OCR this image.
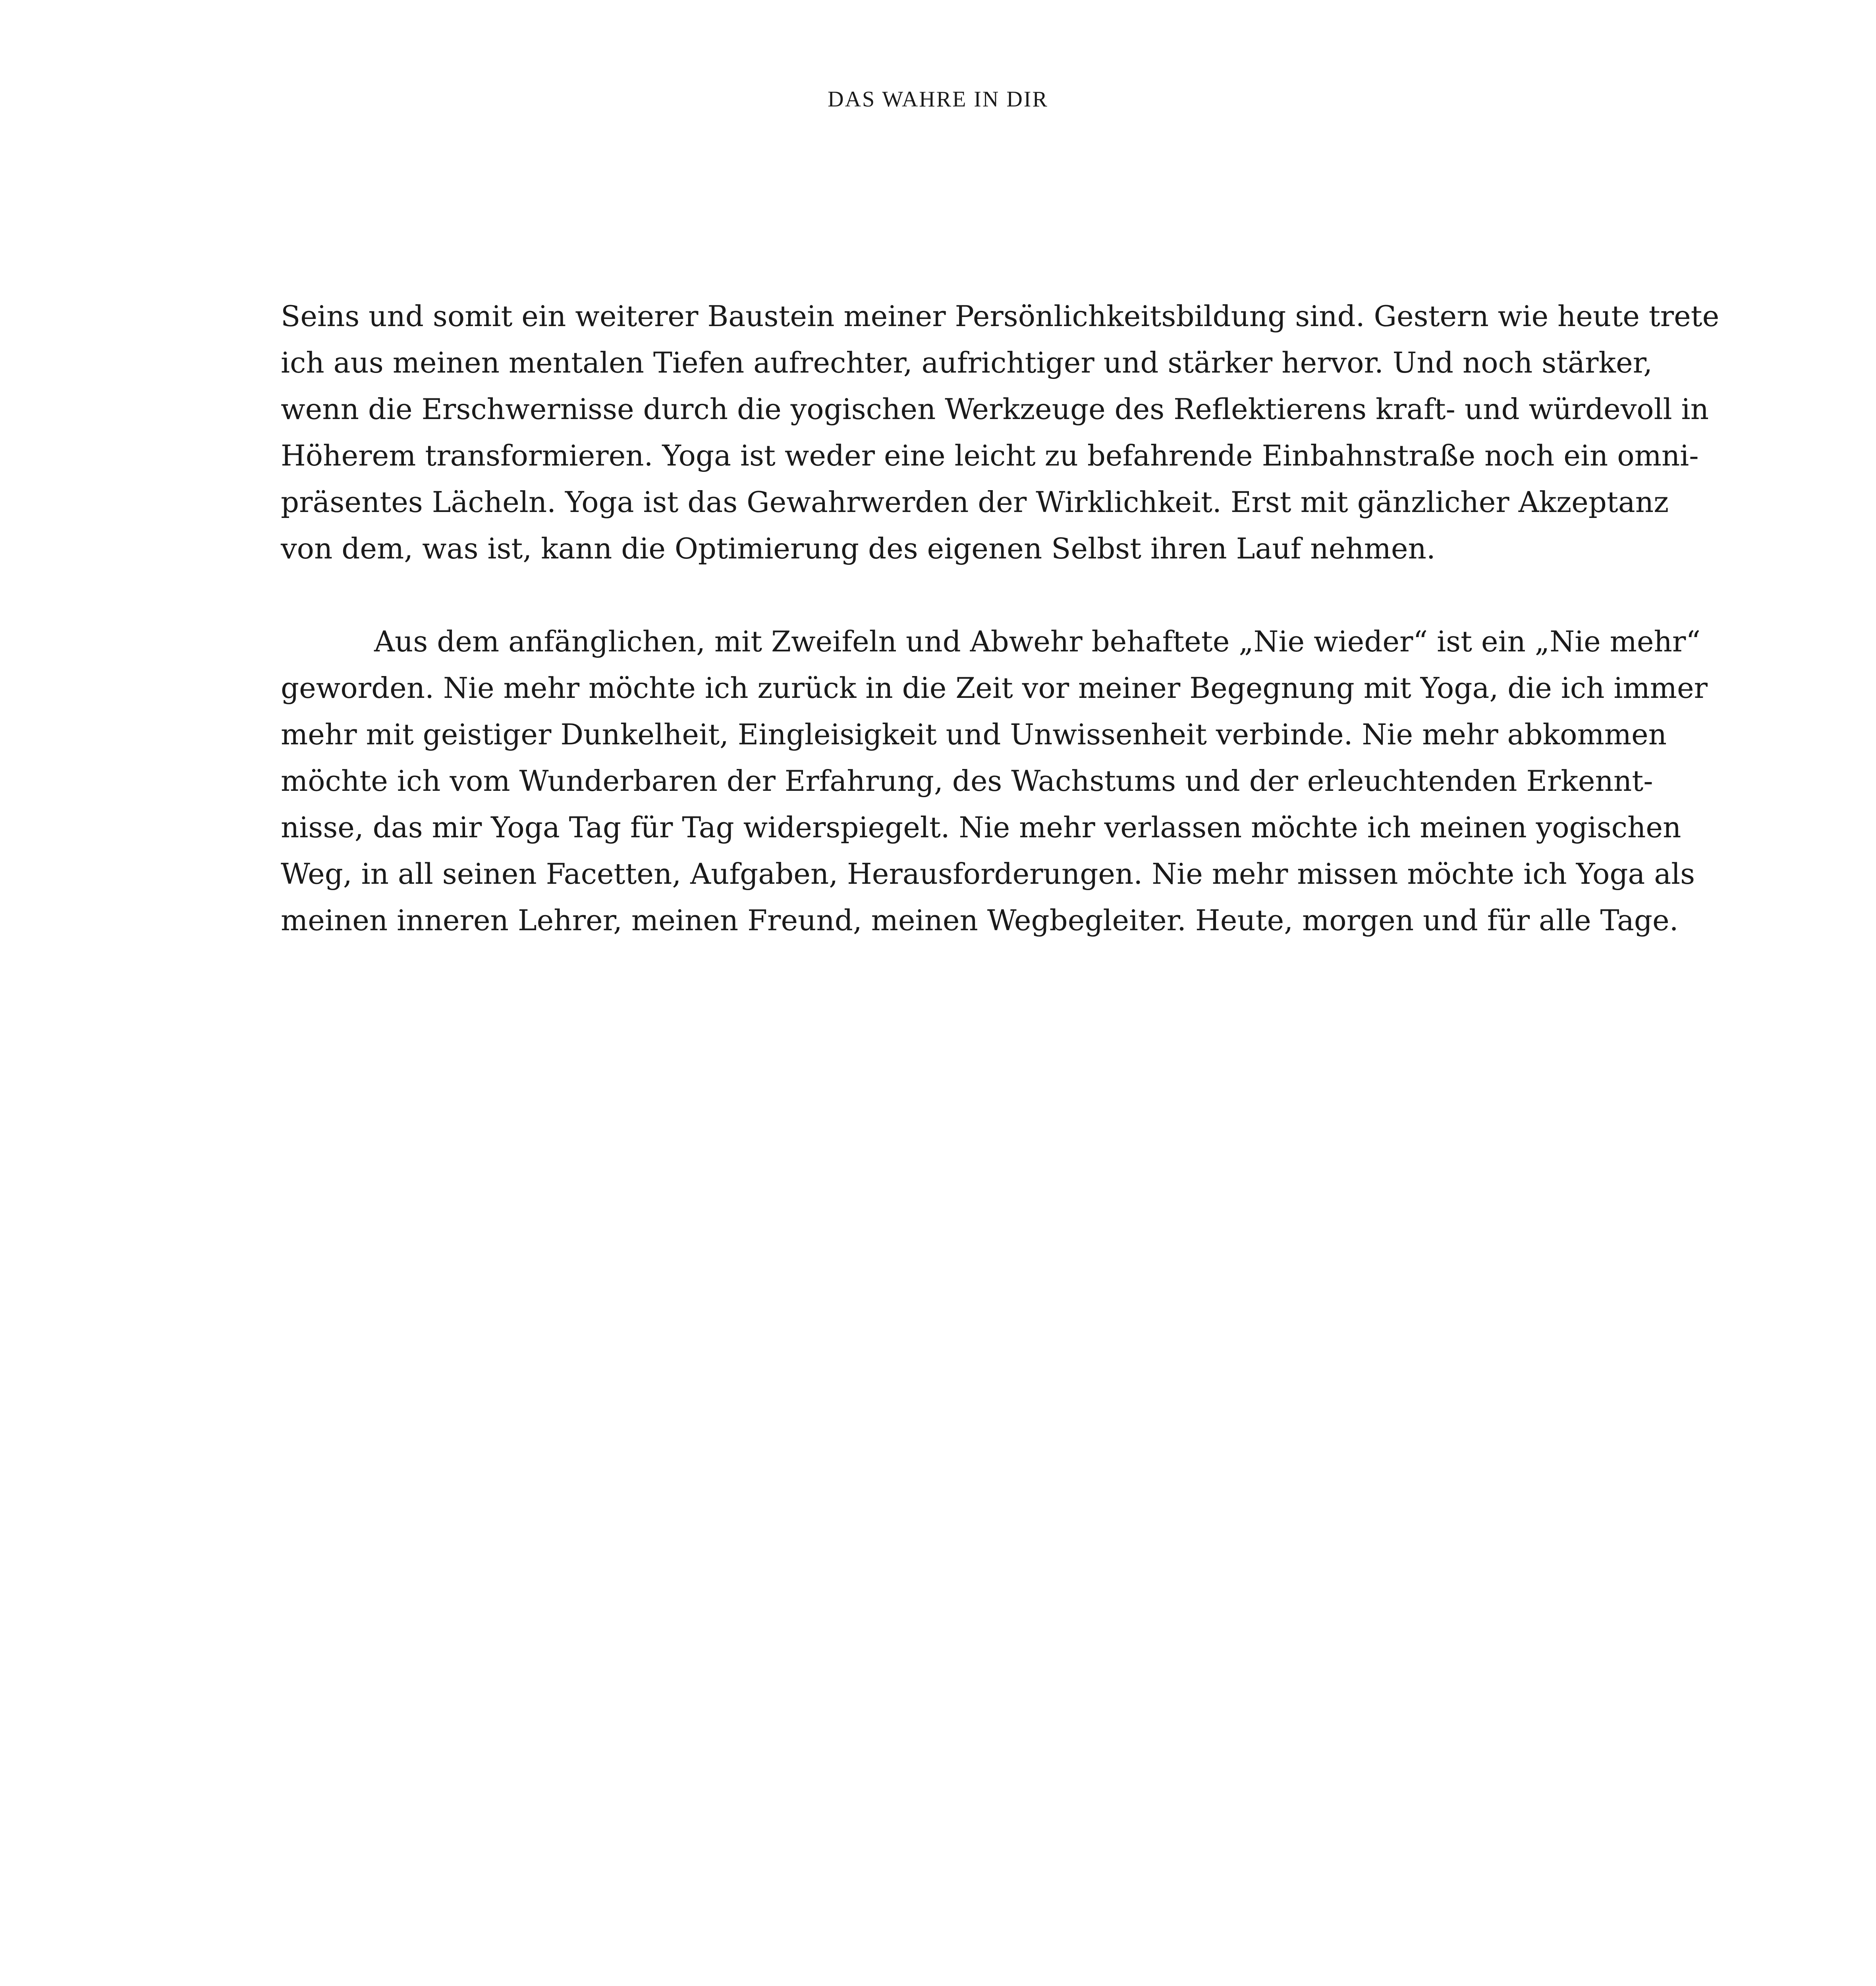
DAS WAHRE IN DIR
Seins und somit ein weiterer Baustein meiner Persönlichkeitsbildung sind. Gestern wie heute trete
ich aus meinen mentalen Tiefen aufrechter, aufrichtiger und stärker hervor. Und noch stärker,
wenn die Erschwernisse durch die yogischen Werkzeuge des Reflektierens kraft- und würdevoll in
Höherem transformieren. Yoga ist weder eine leicht zu befahrende Einbahnstraße noch ein omni-
präsentes Lächeln. Yoga ist das Gewahrwerden der Wirklichkeit. Erst mit gänzlicher Akzeptanz
von dem, was ist, kann die Optimierung des eigenen Selbst ihren Lauf nehmen.
Aus dem anfänglichen, mit Zweifeln und Abwehr behaftete „Nie wieder“ ist ein „Nie mehr“
geworden. Nie mehr möchte ich zurück in die Zeit vor meiner Begegnung mit Yoga, die ich immer
mehr mit geistiger Dunkelheit, Eingleisigkeit und Unwissenheit verbinde. Nie mehr abkommen
möchte ich vom Wunderbaren der Erfahrung, des Wachstums und der erleuchtenden Erkennt-
nisse, das mir Yoga Tag für Tag widerspiegelt. Nie mehr verlassen möchte ich meinen yogischen
Weg, in all seinen Facetten, Aufgaben, Herausforderungen. Nie mehr missen möchte ich Yoga als
meinen inneren Lehrer, meinen Freund, meinen Wegbegleiter. Heute, morgen und für alle Tage.
